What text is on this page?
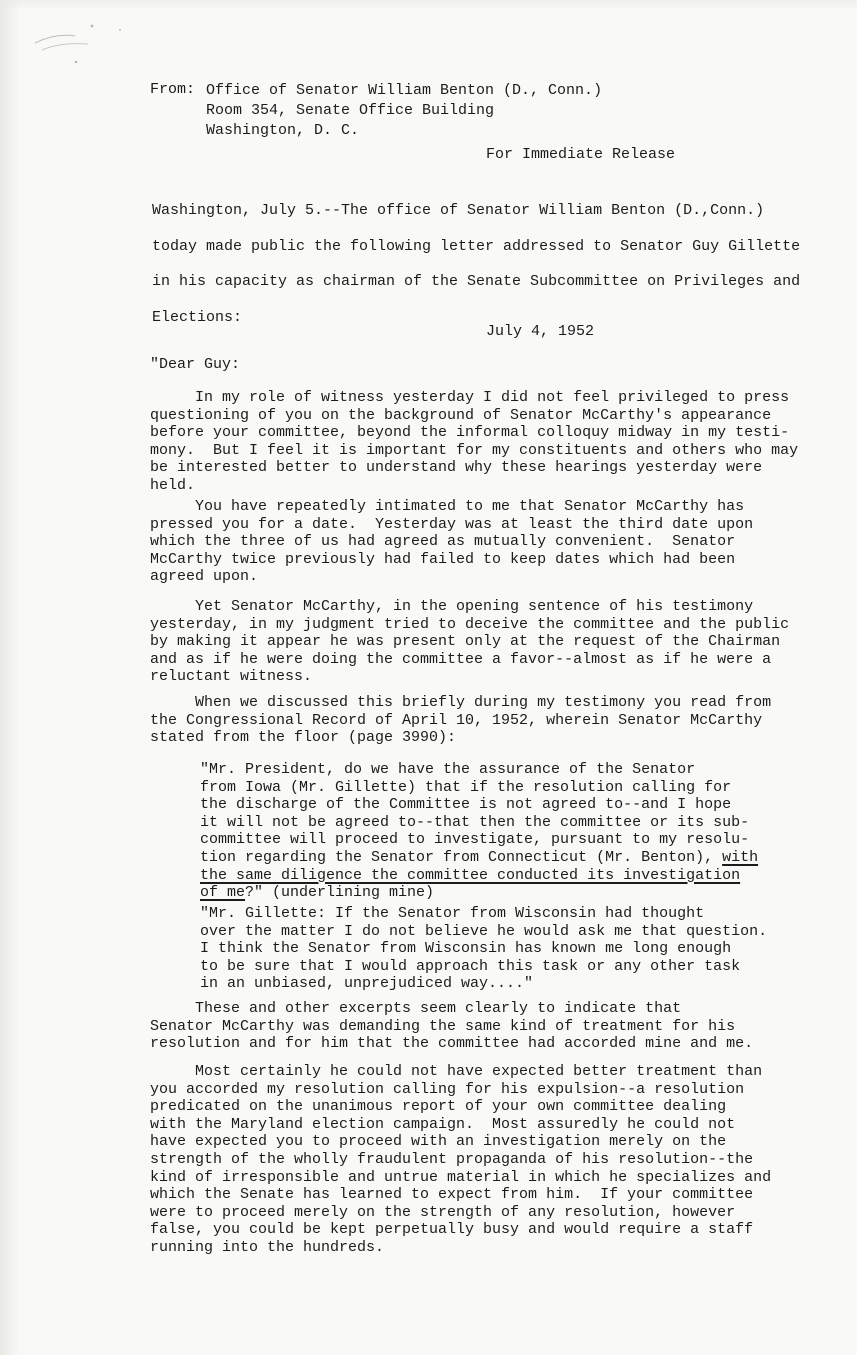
From: Office of Senator William Benton (D., Conn.)
Room 354, Senate Office Building
Washington, D. C.
For Immediate Release
Washington, July 5.--The office of Senator William Benton (D.,Conn.)
today made public the following letter addressed to Senator Guy Gillette
in his capacity as chairman of the Senate Subcommittee on Privileges and
Elections:
July 4, 1952
"Dear Guy:
In my role of witness yesterday I did not feel privileged to press
questioning of you on the background of Senator McCarthy's appearance
before your committee, beyond the informal colloquy midway in my testi-
mony.  But I feel it is important for my constituents and others who may
be interested better to understand why these hearings yesterday were
held.
You have repeatedly intimated to me that Senator McCarthy has
pressed you for a date.  Yesterday was at least the third date upon
which the three of us had agreed as mutually convenient.  Senator
McCarthy twice previously had failed to keep dates which had been
agreed upon.
Yet Senator McCarthy, in the opening sentence of his testimony
yesterday, in my judgment tried to deceive the committee and the public
by making it appear he was present only at the request of the Chairman
and as if he were doing the committee a favor--almost as if he were a
reluctant witness.
When we discussed this briefly during my testimony you read from
the Congressional Record of April 10, 1952, wherein Senator McCarthy
stated from the floor (page 3990):
"Mr. President, do we have the assurance of the Senator
from Iowa (Mr. Gillette) that if the resolution calling for
the discharge of the Committee is not agreed to--and I hope
it will not be agreed to--that then the committee or its sub-
committee will proceed to investigate, pursuant to my resolu-
tion regarding the Senator from Connecticut (Mr. Benton), with
the same diligence the committee conducted its investigation
of me?" (underlining mine)
"Mr. Gillette: If the Senator from Wisconsin had thought
over the matter I do not believe he would ask me that question.
I think the Senator from Wisconsin has known me long enough
to be sure that I would approach this task or any other task
in an unbiased, unprejudiced way...."
These and other excerpts seem clearly to indicate that
Senator McCarthy was demanding the same kind of treatment for his
resolution and for him that the committee had accorded mine and me.
Most certainly he could not have expected better treatment than
you accorded my resolution calling for his expulsion--a resolution
predicated on the unanimous report of your own committee dealing
with the Maryland election campaign.  Most assuredly he could not
have expected you to proceed with an investigation merely on the
strength of the wholly fraudulent propaganda of his resolution--the
kind of irresponsible and untrue material in which he specializes and
which the Senate has learned to expect from him.  If your committee
were to proceed merely on the strength of any resolution, however
false, you could be kept perpetually busy and would require a staff
running into the hundreds.
